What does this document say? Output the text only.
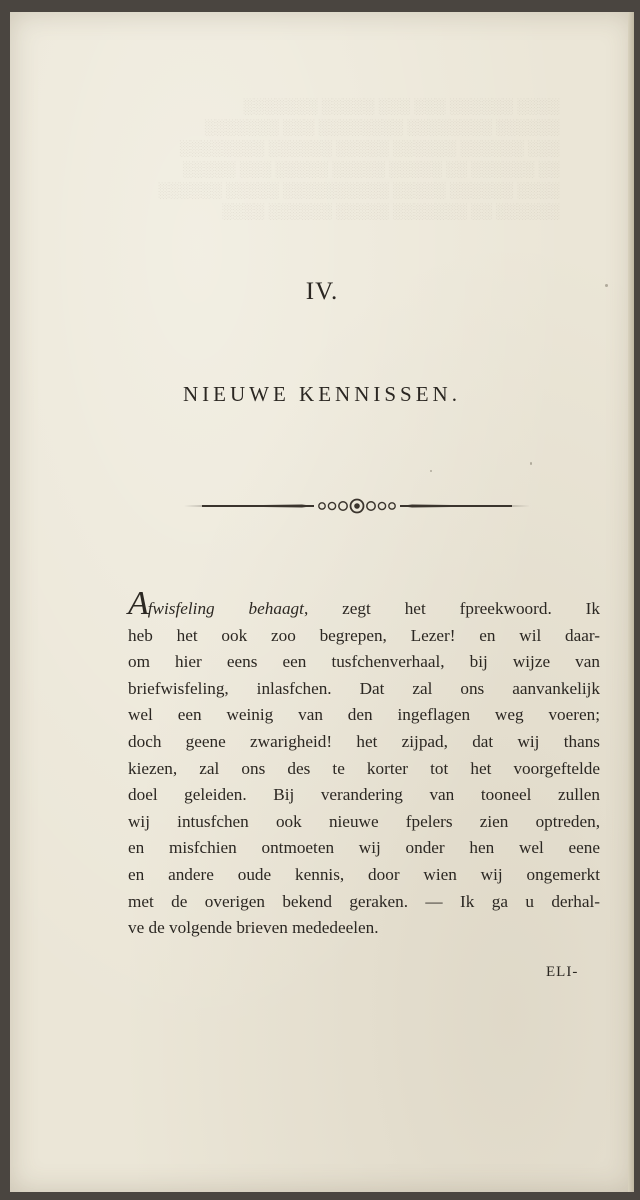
░░░░ ░░░░░░ ░░░ ░░░ ░░░░░ ░░░░░░░
░░░░░░ ░░░░░░░░ ░░░░░░░░ ░░░ ░░░░░░░
░░░ ░░░░░░ ░░░░░░ ░░░░░ ░░░░░░ ░░░░░░░░
░░ ░░░░░░ ░░ ░░░░░ ░░░░░ ░░░░░ ░░░ ░░░░░
░░░░ ░░░░░░ ░░░░░ ░░░░░░░░░░ ░░░░░ ░░░░░░
░░░░░░ ░░ ░░░░░░░ ░░░░░ ░░░░░░ ░░░░
IV.
NIEUWE KENNISSEN.
Afwisfeling behaagt, zegt het fpreekwoord. Ik
heb het ook zoo begrepen, Lezer! en wil daar-
om hier eens een tusfchenverhaal, bij wijze van
briefwisfeling, inlasfchen. Dat zal ons aanvankelijk
wel een weinig van den ingeflagen weg voeren;
doch geene zwarigheid! het zijpad, dat wij thans
kiezen, zal ons des te korter tot het voorgeftelde
doel geleiden. Bij verandering van tooneel zullen
wij intusfchen ook nieuwe fpelers zien optreden,
en misfchien ontmoeten wij onder hen wel eene
en andere oude kennis, door wien wij ongemerkt
met de overigen bekend geraken. — Ik ga u derhal-
ve de volgende brieven mededeelen.
ELI-
